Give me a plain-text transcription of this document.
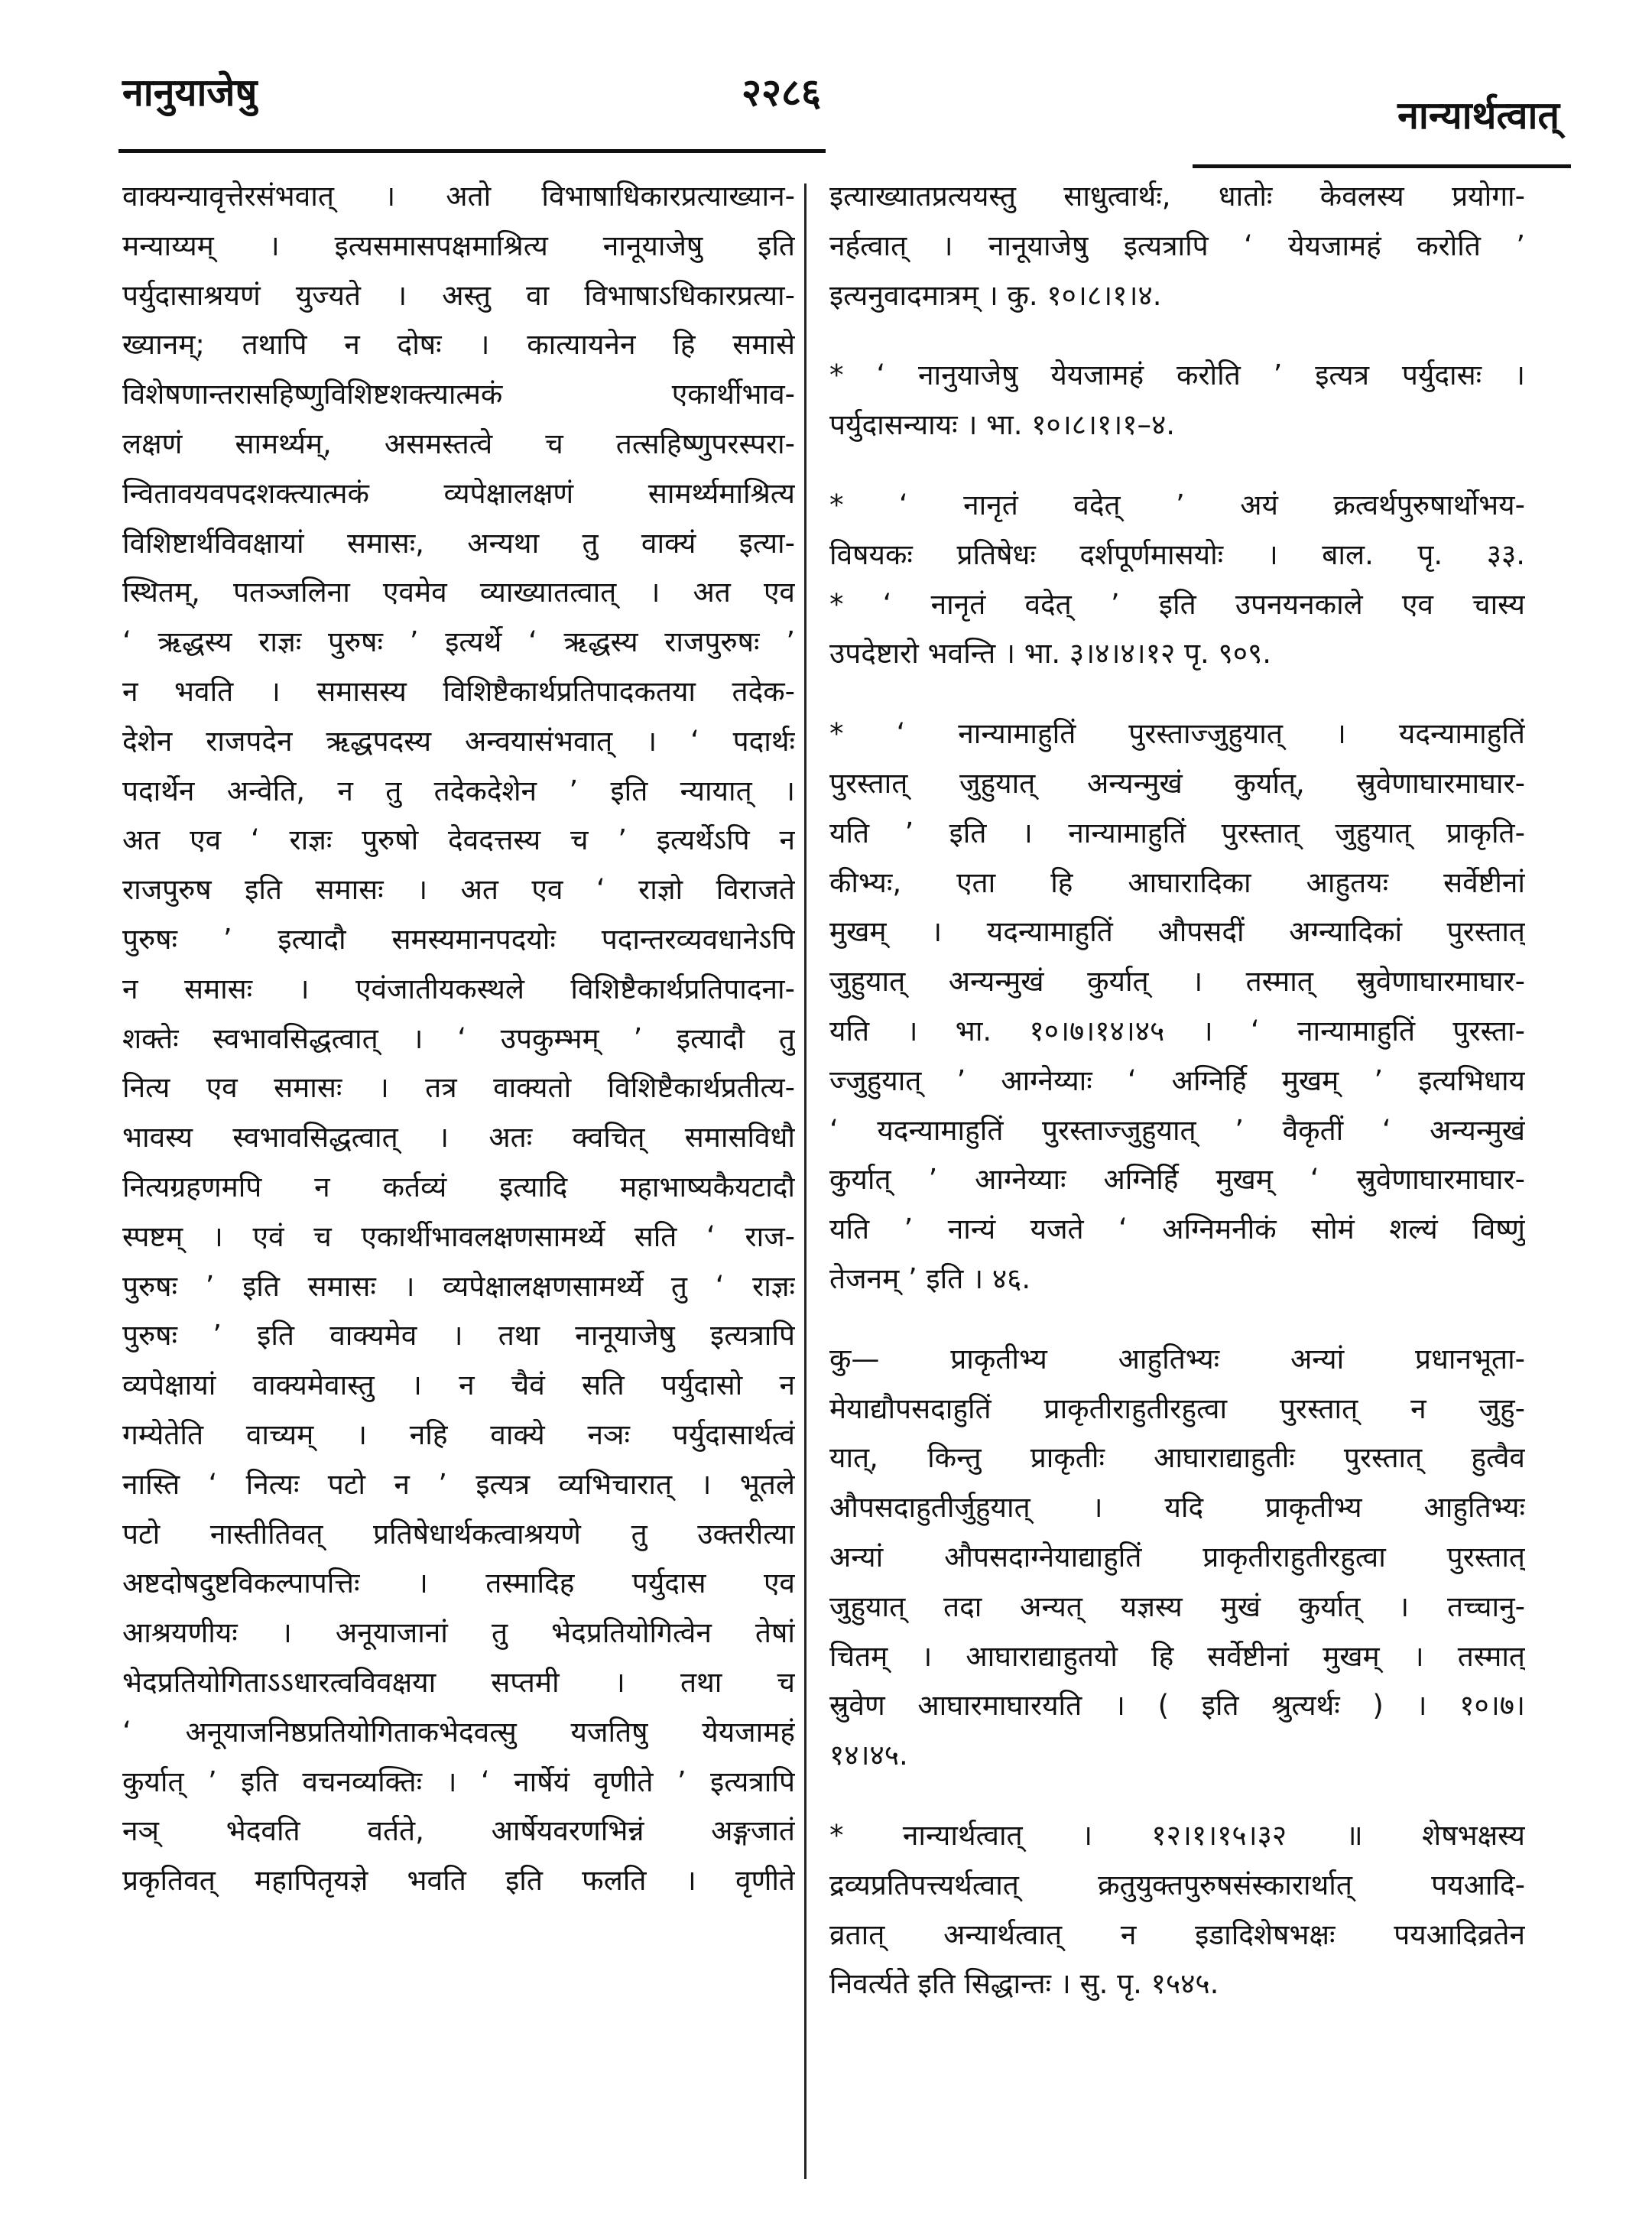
नानुयाजेषु	२२८६
नान्यार्थत्वात्
वाक्यन्यावृत्तेरसंभवात् । अतो विभाषाधिकारप्रत्याख्यान-
मन्याय्यम् । इत्यसमासपक्षमाश्रित्य नानूयाजेषु इति
पर्युदासाश्रयणं युज्यते । अस्तु वा विभाषाऽधिकारप्रत्या-
ख्यानम्; तथापि न दोषः । कात्यायनेन हि समासे
विशेषणान्तरासहिष्णुविशिष्टशक्त्यात्मकं एकार्थीभाव-
लक्षणं सामर्थ्यम्, असमस्तत्वे च तत्सहिष्णुपरस्परा-
न्वितावयवपदशक्त्यात्मकं व्यपेक्षालक्षणं सामर्थ्यमाश्रित्य
विशिष्टार्थविवक्षायां समासः, अन्यथा तु वाक्यं इत्या-
स्थितम्, पतञ्जलिना एवमेव व्याख्यातत्वात् । अत एव
‘ ऋद्धस्य राज्ञः पुरुषः ’ इत्यर्थे ‘ ऋद्धस्य राजपुरुषः ’
न भवति । समासस्य विशिष्टैकार्थप्रतिपादकतया तदेक-
देशेन राजपदेन ऋद्धपदस्य अन्वयासंभवात् । ‘ पदार्थः
पदार्थेन अन्वेति, न तु तदेकदेशेन ’ इति न्यायात् ।
अत एव ‘ राज्ञः पुरुषो देवदत्तस्य च ’ इत्यर्थेऽपि न
राजपुरुष इति समासः । अत एव ‘ राज्ञो विराजते
पुरुषः ’ इत्यादौ समस्यमानपदयोः पदान्तरव्यवधानेऽपि
न समासः । एवंजातीयकस्थले विशिष्टैकार्थप्रतिपादना-
शक्तेः स्वभावसिद्धत्वात् । ‘ उपकुम्भम् ’ इत्यादौ तु
नित्य एव समासः । तत्र वाक्यतो विशिष्टैकार्थप्रतीत्य-
भावस्य स्वभावसिद्धत्वात् । अतः क्वचित् समासविधौ
नित्यग्रहणमपि न कर्तव्यं इत्यादि महाभाष्यकैयटादौ
स्पष्टम् । एवं च एकार्थीभावलक्षणसामर्थ्ये सति ‘ राज-
पुरुषः ’ इति समासः । व्यपेक्षालक्षणसामर्थ्ये तु ‘ राज्ञः
पुरुषः ’ इति वाक्यमेव । तथा नानूयाजेषु इत्यत्रापि
व्यपेक्षायां वाक्यमेवास्तु । न चैवं सति पर्युदासो न
गम्येतेति वाच्यम् । नहि वाक्ये नञः पर्युदासार्थत्वं
नास्ति ‘ नित्यः पटो न ’ इत्यत्र व्यभिचारात् । भूतले
पटो नास्तीतिवत् प्रतिषेधार्थकत्वाश्रयणे तु उक्तरीत्या
अष्टदोषदुष्टविकल्पापत्तिः । तस्मादिह पर्युदास एव
आश्रयणीयः । अनूयाजानां तु भेदप्रतियोगित्वेन तेषां
भेदप्रतियोगिताऽऽधारत्वविवक्षया सप्तमी । तथा च
‘ अनूयाजनिष्ठप्रतियोगिताकभेदवत्सु यजतिषु येयजामहं
कुर्यात् ’ इति वचनव्यक्तिः । ‘ नार्षेयं वृणीते ’ इत्यत्रापि
नञ् भेदवति वर्तते, आर्षेयवरणभिन्नं अङ्गजातं
प्रकृतिवत् महापितृयज्ञे भवति इति फलति । वृणीते
इत्याख्यातप्रत्ययस्तु साधुत्वार्थः, धातोः केवलस्य प्रयोगा-
नर्हत्वात् । नानूयाजेषु इत्यत्रापि ‘ येयजामहं करोति ’
इत्यनुवादमात्रम् । कु. १०।८।१।४.
* ‘ नानुयाजेषु येयजामहं करोति ’ इत्यत्र पर्युदासः ।
पर्युदासन्यायः । भा. १०।८।१।१–४.
* ‘ नानृतं वदेत् ’ अयं क्रत्वर्थपुरुषार्थोभय-
विषयकः प्रतिषेधः दर्शपूर्णमासयोः । बाल. पृ. ३३.
* ‘ नानृतं वदेत् ’ इति उपनयनकाले एव चास्य
उपदेष्टारो भवन्ति । भा. ३।४।४।१२ पृ. ९०९.
* ‘ नान्यामाहुतिं पुरस्ताज्जुहुयात् । यदन्यामाहुतिं
पुरस्तात् जुहुयात् अन्यन्मुखं कुर्यात्, स्रुवेणाघारमाघार-
यति ’ इति । नान्यामाहुतिं पुरस्तात् जुहुयात् प्राकृति-
कीभ्यः, एता हि आघारादिका आहुतयः सर्वेष्टीनां
मुखम् । यदन्यामाहुतिं औपसदीं अग्न्यादिकां पुरस्तात्
जुहुयात् अन्यन्मुखं कुर्यात् । तस्मात् स्रुवेणाघारमाघार-
यति । भा. १०।७।१४।४५ । ‘ नान्यामाहुतिं पुरस्ता-
ज्जुहुयात् ’ आग्नेय्याः ‘ अग्निर्हि मुखम् ’ इत्यभिधाय
‘ यदन्यामाहुतिं पुरस्ताज्जुहुयात् ’ वैकृतीं ‘ अन्यन्मुखं
कुर्यात् ’ आग्नेय्याः अग्निर्हि मुखम् ‘ स्रुवेणाघारमाघार-
यति ’ नान्यं यजते ‘ अग्निमनीकं सोमं शल्यं विष्णुं
तेजनम् ’ इति । ४६.
कु— प्राकृतीभ्य आहुतिभ्यः अन्यां प्रधानभूता-
मेयाद्यौपसदाहुतिं प्राकृतीराहुतीरहुत्वा पुरस्तात् न जुहु-
यात्, किन्तु प्राकृतीः आघाराद्याहुतीः पुरस्तात् हुत्वैव
औपसदाहुतीर्जुहुयात् । यदि प्राकृतीभ्य आहुतिभ्यः
अन्यां औपसदाग्नेयाद्याहुतिं प्राकृतीराहुतीरहुत्वा पुरस्तात्
जुहुयात् तदा अन्यत् यज्ञस्य मुखं कुर्यात् । तच्चानु-
चितम् । आघाराद्याहुतयो हि सर्वेष्टीनां मुखम् । तस्मात्
स्रुवेण आघारमाघारयति । ( इति श्रुत्यर्थः ) । १०।७।
१४।४५.
* नान्यार्थत्वात् । १२।१।१५।३२ ॥ शेषभक्षस्य
द्रव्यप्रतिपत्त्यर्थत्वात् क्रतुयुक्तपुरुषसंस्कारार्थात् पयआदि-
व्रतात् अन्यार्थत्वात् न इडादिशेषभक्षः पयआदिव्रतेन
निवर्त्यते इति सिद्धान्तः । सु. पृ. १५४५.
